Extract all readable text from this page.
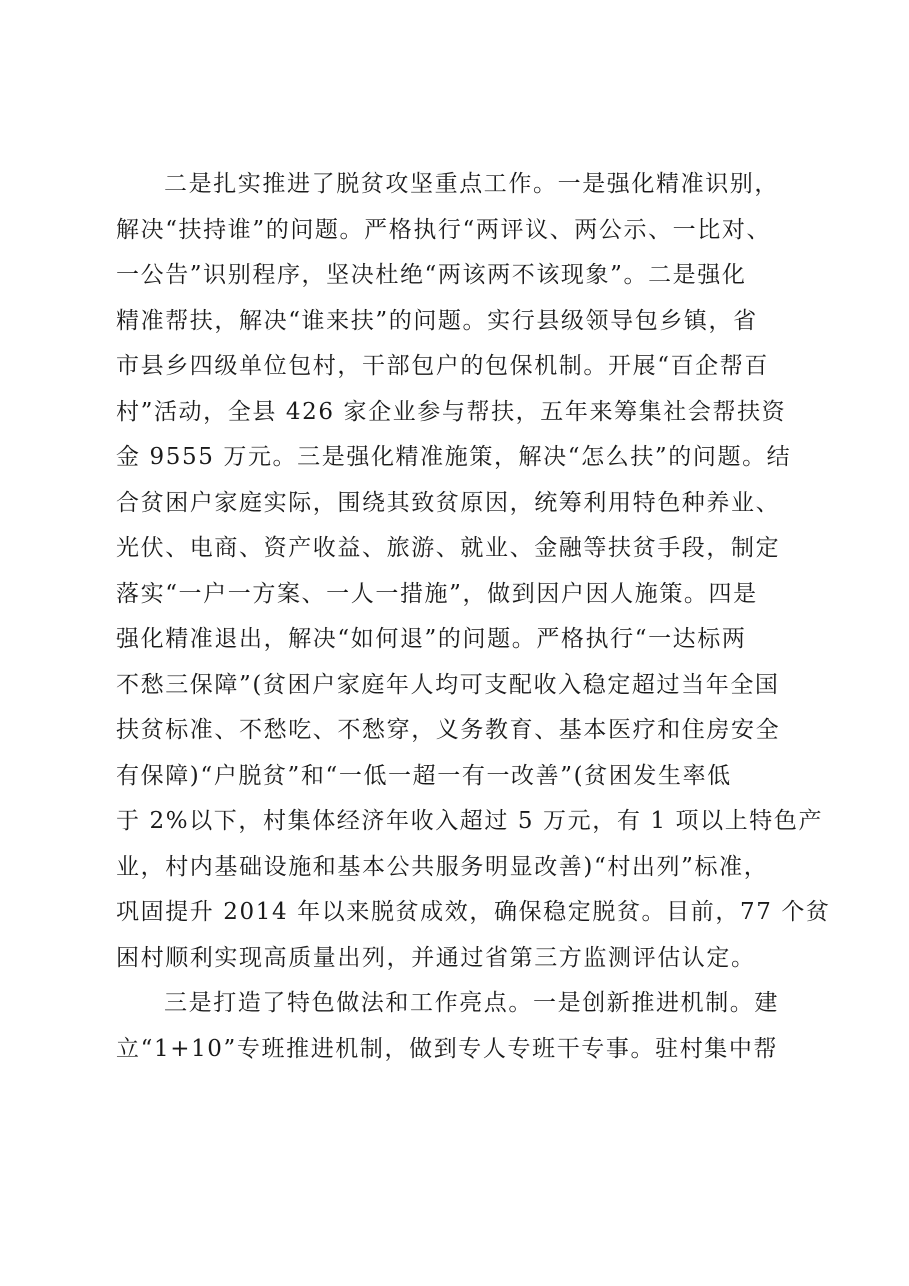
二是扎实推进了脱贫攻坚重点工作。一是强化精准识别，
解决“扶持谁”的问题。严格执行“两评议、两公示、一比对、
一公告”识别程序，坚决杜绝“两该两不该现象”。二是强化
精准帮扶，解决“谁来扶”的问题。实行县级领导包乡镇，省
市县乡四级单位包村，干部包户的包保机制。开展“百企帮百
村”活动，全县 426 家企业参与帮扶，五年来筹集社会帮扶资
金 9555 万元。三是强化精准施策，解决“怎么扶”的问题。结
合贫困户家庭实际，围绕其致贫原因，统筹利用特色种养业、
光伏、电商、资产收益、旅游、就业、金融等扶贫手段，制定
落实“一户一方案、一人一措施”，做到因户因人施策。四是
强化精准退出，解决“如何退”的问题。严格执行“一达标两
不愁三保障”(贫困户家庭年人均可支配收入稳定超过当年全国
扶贫标准、不愁吃、不愁穿，义务教育、基本医疗和住房安全
有保障)“户脱贫”和“一低一超一有一改善”(贫困发生率低
于 2%以下，村集体经济年收入超过 5 万元，有 1 项以上特色产
业，村内基础设施和基本公共服务明显改善)“村出列”标准，
巩固提升 2014 年以来脱贫成效，确保稳定脱贫。目前，77 个贫
困村顺利实现高质量出列，并通过省第三方监测评估认定。
三是打造了特色做法和工作亮点。一是创新推进机制。建
立“1+10”专班推进机制，做到专人专班干专事。驻村集中帮
